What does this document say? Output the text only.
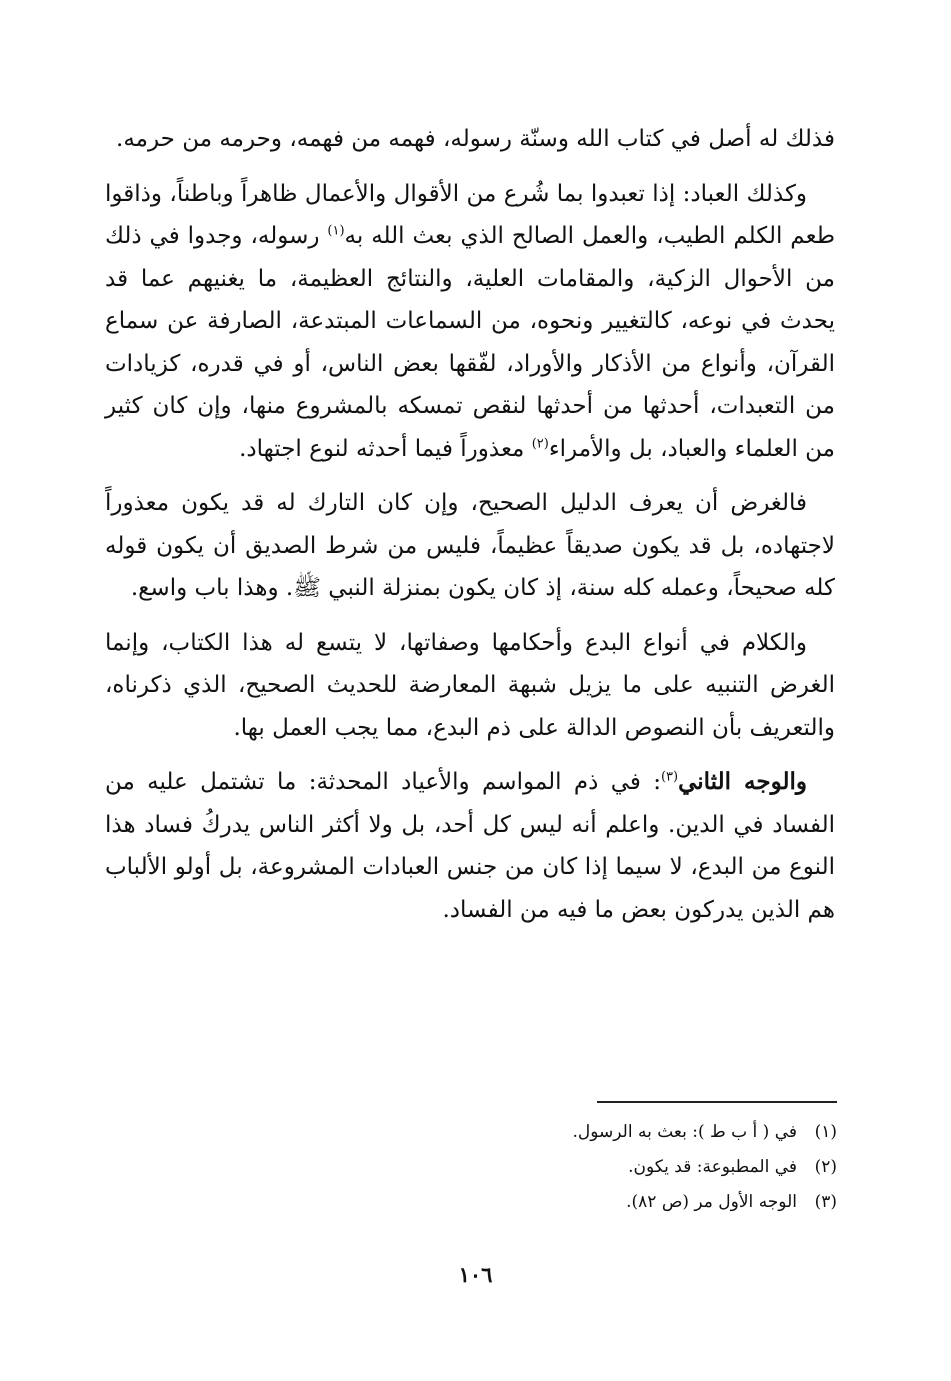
فذلك له أصل في كتاب الله وسنّة رسوله، فهمه من فهمه، وحرمه من حرمه.

وكذلك العباد: إذا تعبدوا بما شُرع من الأقوال والأعمال ظاهراً وباطناً، وذاقوا طعم الكلم الطيب، والعمل الصالح الذي بعث الله به$^{(١)}$ رسوله، وجدوا في ذلك من الأحوال الزكية، والمقامات العلية، والنتائج العظيمة، ما يغنيهم عما قد يحدث في نوعه، كالتغيير ونحوه، من السماعات المبتدعة، الصارفة عن سماع القرآن، وأنواع من الأذكار والأوراد، لفّقها بعض الناس، أو في قدره، كزيادات من التعبدات، أحدثها من أحدثها لنقص تمسكه بالمشروع منها، وإن كان كثير من العلماء والعباد، بل والأمراء$^{(٢)}$ معذوراً فيما أحدثه لنوع اجتهاد.

فالغرض أن يعرف الدليل الصحيح، وإن كان التارك له قد يكون معذوراً لاجتهاده، بل قد يكون صديقاً عظيماً، فليس من شرط الصديق أن يكون قوله كله صحيحاً، وعمله كله سنة، إذ كان يكون بمنزلة النبي ﷺ. وهذا باب واسع.

والكلام في أنواع البدع وأحكامها وصفاتها، لا يتسع له هذا الكتاب، وإنما الغرض التنبيه على ما يزيل شبهة المعارضة للحديث الصحيح، الذي ذكرناه، والتعريف بأن النصوص الدالة على ذم البدع، مما يجب العمل بها.

والوجه الثاني$^{(٣)}$: في ذم المواسم والأعياد المحدثة: ما تشتمل عليه من الفساد في الدين. واعلم أنه ليس كل أحد، بل ولا أكثر الناس يدركُ فساد هذا النوع من البدع، لا سيما إذا كان من جنس العبادات المشروعة، بل أولو الألباب هم الذين يدركون بعض ما فيه من الفساد.

(١)في ( أ ب ط ): بعث به الرسول.
(٢)في المطبوعة: قد يكون.
(٣)الوجه الأول مر (ص ٨٢).
١٠٦
